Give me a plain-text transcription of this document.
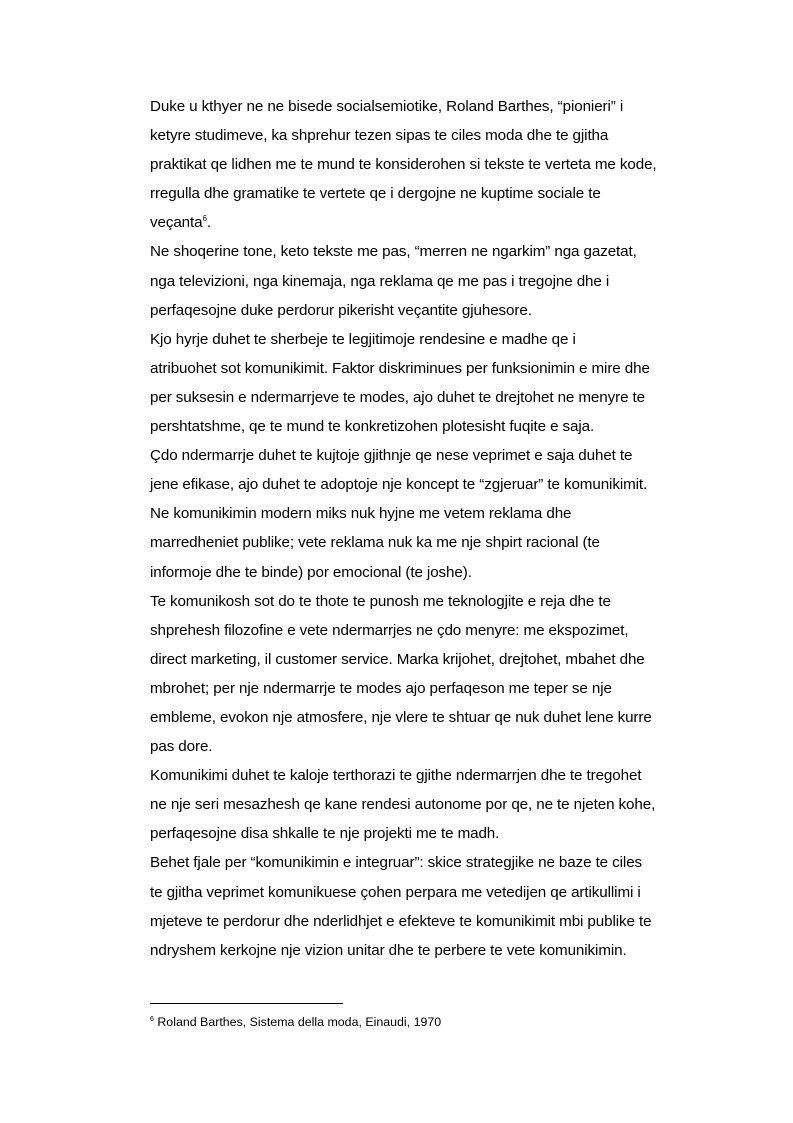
Duke u kthyer ne ne bisede socialsemiotike, Roland Barthes, “pionieri” i
ketyre studimeve, ka shprehur tezen sipas te ciles moda dhe te gjitha
praktikat qe lidhen me te mund te konsiderohen si tekste te verteta me kode,
rregulla dhe gramatike te vertete qe i dergojne ne kuptime sociale te
veçanta$^6$.
Ne shoqerine tone, keto tekste me pas, “merren ne ngarkim” nga gazetat,
nga televizioni, nga kinemaja, nga reklama qe me pas i tregojne dhe i
perfaqesojne duke perdorur pikerisht veçantite gjuhesore.
Kjo hyrje duhet te sherbeje te legjitimoje rendesine e madhe qe i
atribuohet sot komunikimit. Faktor diskriminues per funksionimin e mire dhe
per suksesin e ndermarrjeve te modes, ajo duhet te drejtohet ne menyre te
pershtatshme, qe te mund te konkretizohen plotesisht fuqite e saja.
Çdo ndermarrje duhet te kujtoje gjithnje qe nese veprimet e saja duhet te
jene efikase, ajo duhet te adoptoje nje koncept te “zgjeruar” te komunikimit.
Ne komunikimin modern miks nuk hyjne me vetem reklama dhe
marredheniet publike; vete reklama nuk ka me nje shpirt racional (te
informoje dhe te binde) por emocional (te joshe).
Te komunikosh sot do te thote te punosh me teknologjite e reja dhe te
shprehesh filozofine e vete ndermarrjes ne çdo menyre: me ekspozimet,
direct marketing, il customer service. Marka krijohet, drejtohet, mbahet dhe
mbrohet; per nje ndermarrje te modes ajo perfaqeson me teper se nje
embleme, evokon nje atmosfere, nje vlere te shtuar qe nuk duhet lene kurre
pas dore.
Komunikimi duhet te kaloje terthorazi te gjithe ndermarrjen dhe te tregohet
ne nje seri mesazhesh qe kane rendesi autonome por qe, ne te njeten kohe,
perfaqesojne disa shkalle te nje projekti me te madh.
Behet fjale per “komunikimin e integruar”: skice strategjike ne baze te ciles
te gjitha veprimet komunikuese çohen perpara me vetedijen qe artikullimi i
mjeteve te perdorur dhe nderlidhjet e efekteve te komunikimit mbi publike te
ndryshem kerkojne nje vizion unitar dhe te perbere te vete komunikimin.
$^6$ Roland Barthes, Sistema della moda, Einaudi, 1970
